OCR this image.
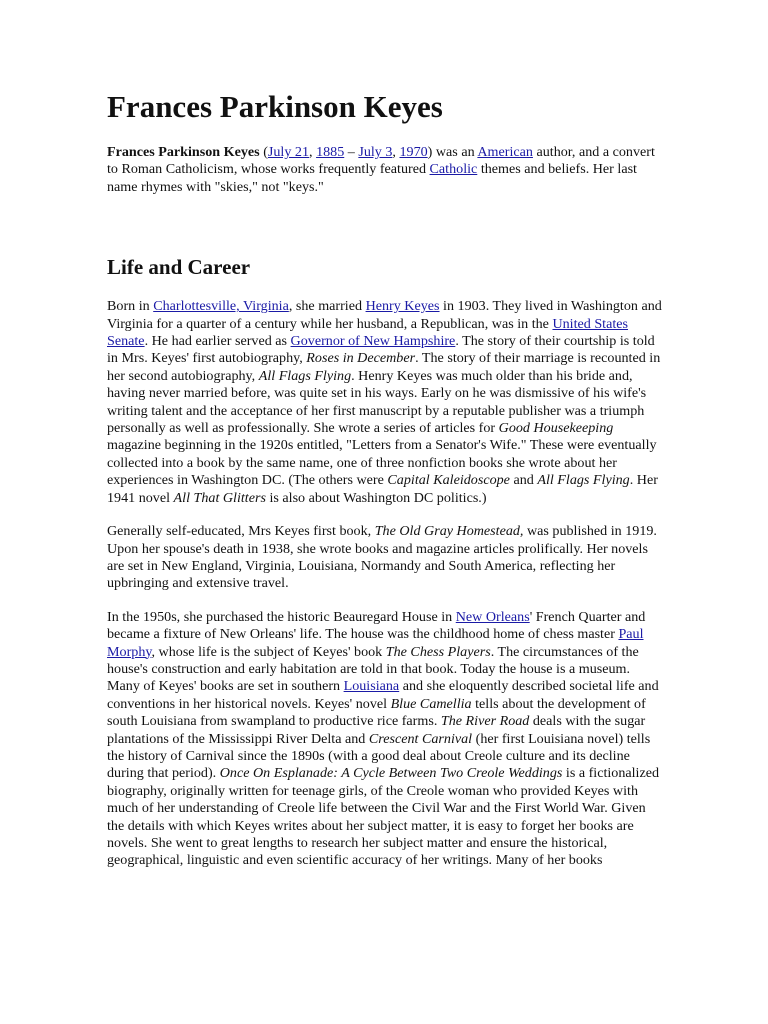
Frances Parkinson Keyes

Frances Parkinson Keyes (July 21, 1885 – July 3, 1970) was an American author, and a convert to Roman Catholicism, whose works frequently featured Catholic themes and beliefs. Her last name rhymes with "skies," not "keys."

Life and Career

Born in Charlottesville, Virginia, she married Henry Keyes in 1903. They lived in Washington and Virginia for a quarter of a century while her husband, a Republican, was in the United States Senate. He had earlier served as Governor of New Hampshire. The story of their courtship is told in Mrs. Keyes' first autobiography, Roses in December. The story of their marriage is recounted in her second autobiography, All Flags Flying. Henry Keyes was much older than his bride and, having never married before, was quite set in his ways. Early on he was dismissive of his wife's writing talent and the acceptance of her first manuscript by a reputable publisher was a triumph personally as well as professionally. She wrote a series of articles for Good Housekeeping magazine beginning in the 1920s entitled, "Letters from a Senator's Wife." These were eventually collected into a book by the same name, one of three nonfiction books she wrote about her experiences in Washington DC. (The others were Capital Kaleidoscope and All Flags Flying. Her 1941 novel All That Glitters is also about Washington DC politics.)

Generally self-educated, Mrs Keyes first book, The Old Gray Homestead, was published in 1919. Upon her spouse's death in 1938, she wrote books and magazine articles prolifically. Her novels are set in New England, Virginia, Louisiana, Normandy and South America, reflecting her upbringing and extensive travel.

In the 1950s, she purchased the historic Beauregard House in New Orleans' French Quarter and became a fixture of New Orleans' life. The house was the childhood home of chess master Paul Morphy, whose life is the subject of Keyes' book The Chess Players. The circumstances of the house's construction and early habitation are told in that book. Today the house is a museum. Many of Keyes' books are set in southern Louisiana and she eloquently described societal life and conventions in her historical novels. Keyes' novel Blue Camellia tells about the development of south Louisiana from swampland to productive rice farms. The River Road deals with the sugar plantations of the Mississippi River Delta and Crescent Carnival (her first Louisiana novel) tells the history of Carnival since the 1890s (with a good deal about Creole culture and its decline during that period). Once On Esplanade: A Cycle Between Two Creole Weddings is a fictionalized biography, originally written for teenage girls, of the Creole woman who provided Keyes with much of her understanding of Creole life between the Civil War and the First World War. Given the details with which Keyes writes about her subject matter, it is easy to forget her books are novels. She went to great lengths to research her subject matter and ensure the historical, geographical, linguistic and even scientific accuracy of her writings. Many of her books
